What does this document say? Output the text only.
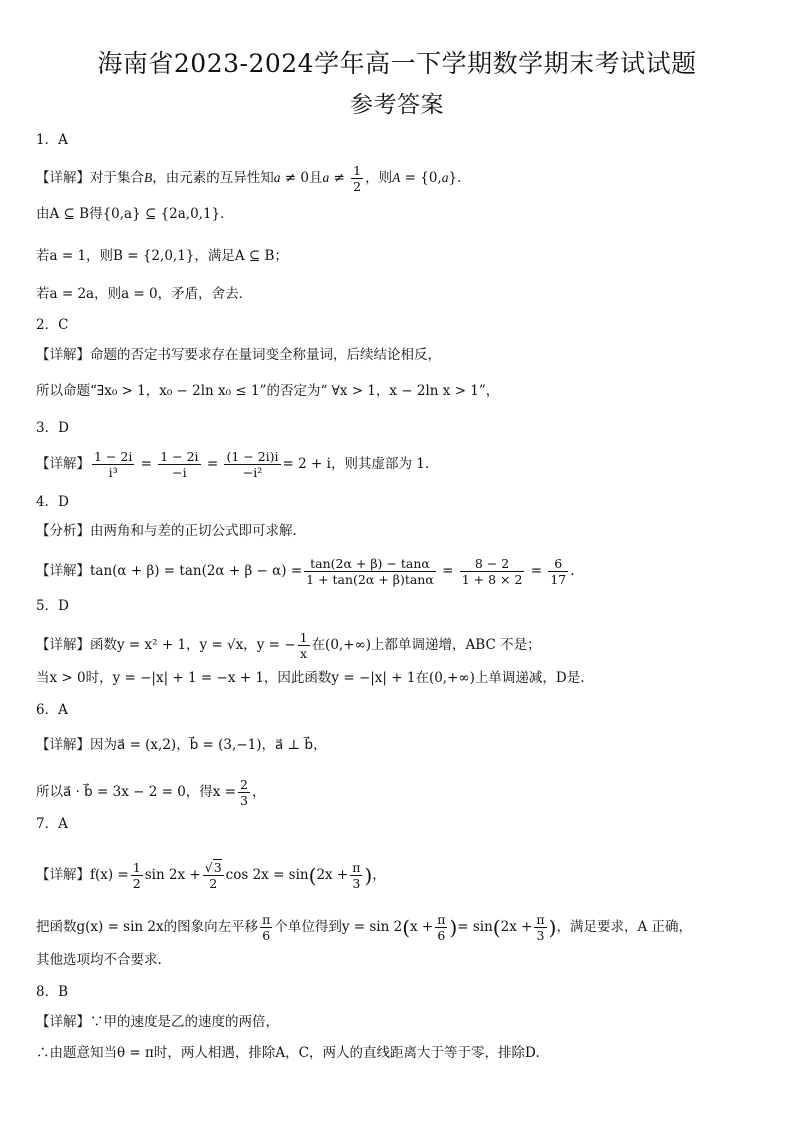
海南省2023-2024学年高一下学期数学期末考试试题
参考答案
1．A
【详解】对于集合B，由元素的互异性知a ≠ 0且$a \ne \frac{1}{2}$ ，则A = {0,a}．
由A ⊆ B得{0,a} ⊆ {2a,0,1}．
若a = 1，则B = {2,0,1}，满足A ⊆ B；
若a = 2a，则a = 0，矛盾，舍去．
2．C
【详解】命题的否定书写要求存在量词变全称量词，后续结论相反，
所以命题“∃x₀ > 1，x₀ − 2ln x₀ ≤ 1”的否定为“ ∀x > 1，x − 2ln x > 1”，
3．D
【详解】 $\frac{1 - 2i}{\text{i³}} = \frac{1 - 2i}{-i} = \frac{(1 - 2i)i}{\text{−i²}} = 2 + i$，则其虚部为 1.
4．D
【分析】由两角和与差的正切公式即可求解.
【详解】$\tan(\alpha + \beta) = \tan(2\alpha + \beta - \alpha) = \frac{\tan(2\alpha + \beta) - \tan\alpha}{1 + \tan(2\alpha + \beta)\tan\alpha} = \frac{8 - 2}{1 + 8 \times 2} = \frac{6}{17}$ .
5．D
【详解】函数y = x² + 1，y = √x，y = − $\frac{1}{x}$ 在(0,+∞)上都单调递增，ABC 不是；
当x > 0时，y = −|x| + 1 = −x + 1，因此函数y = −|x| + 1在(0,+∞)上单调递减，D是.
6．A
【详解】因为a⃗ = (x,2)，b⃗ = (3,−1)，a⃗ ⊥ b⃗，
所以a⃗ · b⃗ = 3x − 2 = 0，得$x = \frac{2}{3}$ ，
7．A
【详解】$f(x) = \frac{1}{2}$ $\sin 2x + \frac{√3}{2}$ $\cos 2x = \sin(2x + \frac{\pi}{3}$ )，
把函数g(x) = sin 2x的图象向左平移 $\frac{\pi}{6}$ 个单位得到$y = \sin 2(x + \frac{\pi}{6}$ )= $\sin(2x + \frac{\pi}{3}$ )，满足要求，A 正确，
其他选项均不合要求.
8．B
【详解】∵甲的速度是乙的速度的两倍，
∴由题意知当θ = π时，两人相遇，排除A，C，两人的直线距离大于等于零，排除D.
